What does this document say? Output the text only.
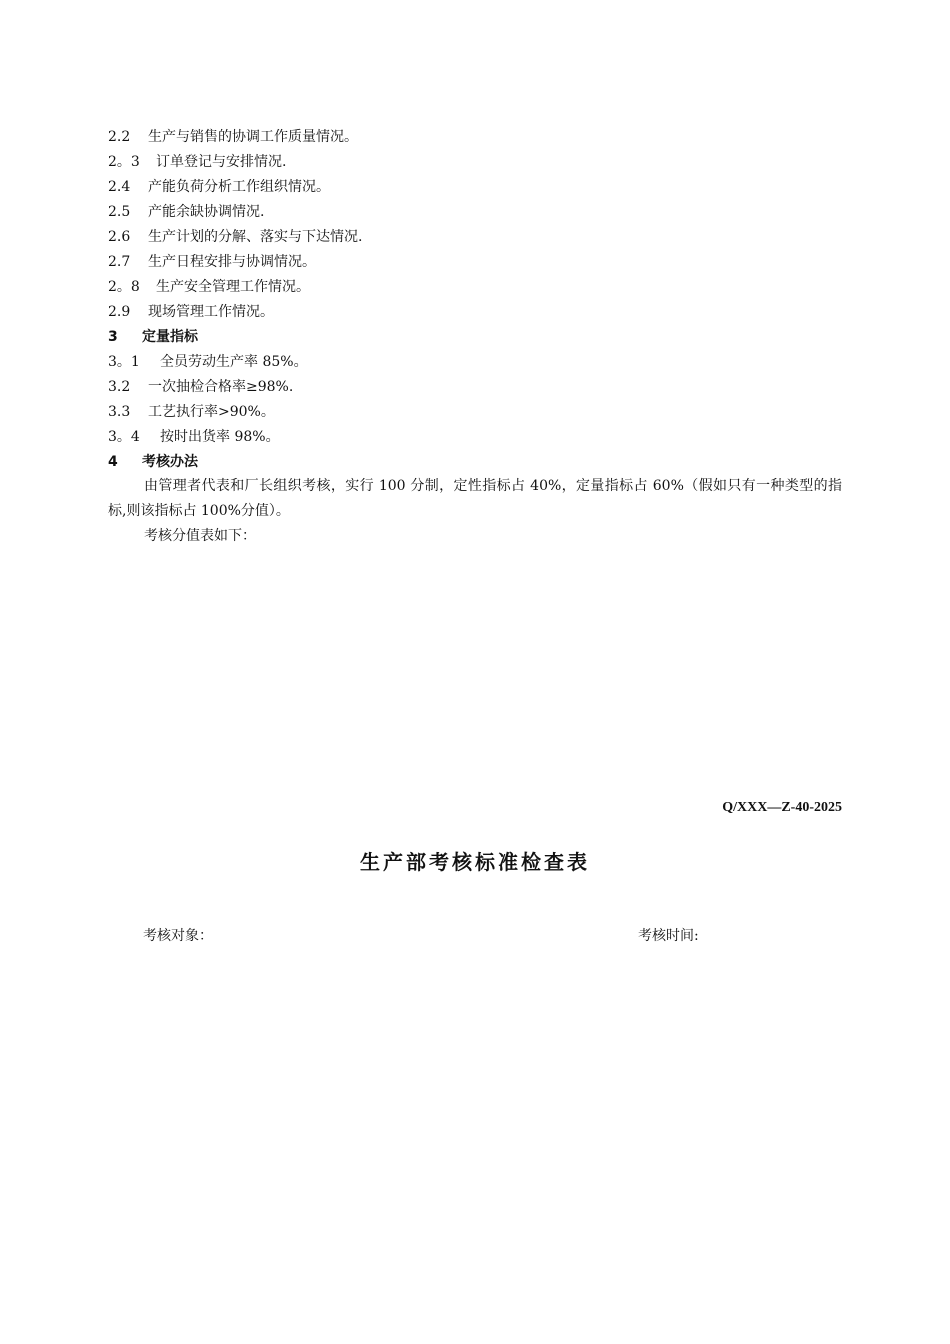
2.2 生产与销售的协调工作质量情况。
2。3 订单登记与安排情况.
2.4 产能负荷分析工作组织情况。
2.5 产能余缺协调情况.
2.6 生产计划的分解、落实与下达情况.
2.7 生产日程安排与协调情况。
2。8 生产安全管理工作情况。
2.9 现场管理工作情况。
3 定量指标
3。1 全员劳动生产率 85%。
3.2 一次抽检合格率≥98%.
3.3 工艺执行率>90%。
3。4 按时出货率 98%。
4 考核办法
由管理者代表和厂长组织考核，实行 100 分制，定性指标占 40%，定量指标占 60%（假如只有一种类型的指标,则该指标占 100%分值）。
考核分值表如下：
Q/XXX—Z-40-2025
生产部考核标准检查表
考核对象：	考核时间:
